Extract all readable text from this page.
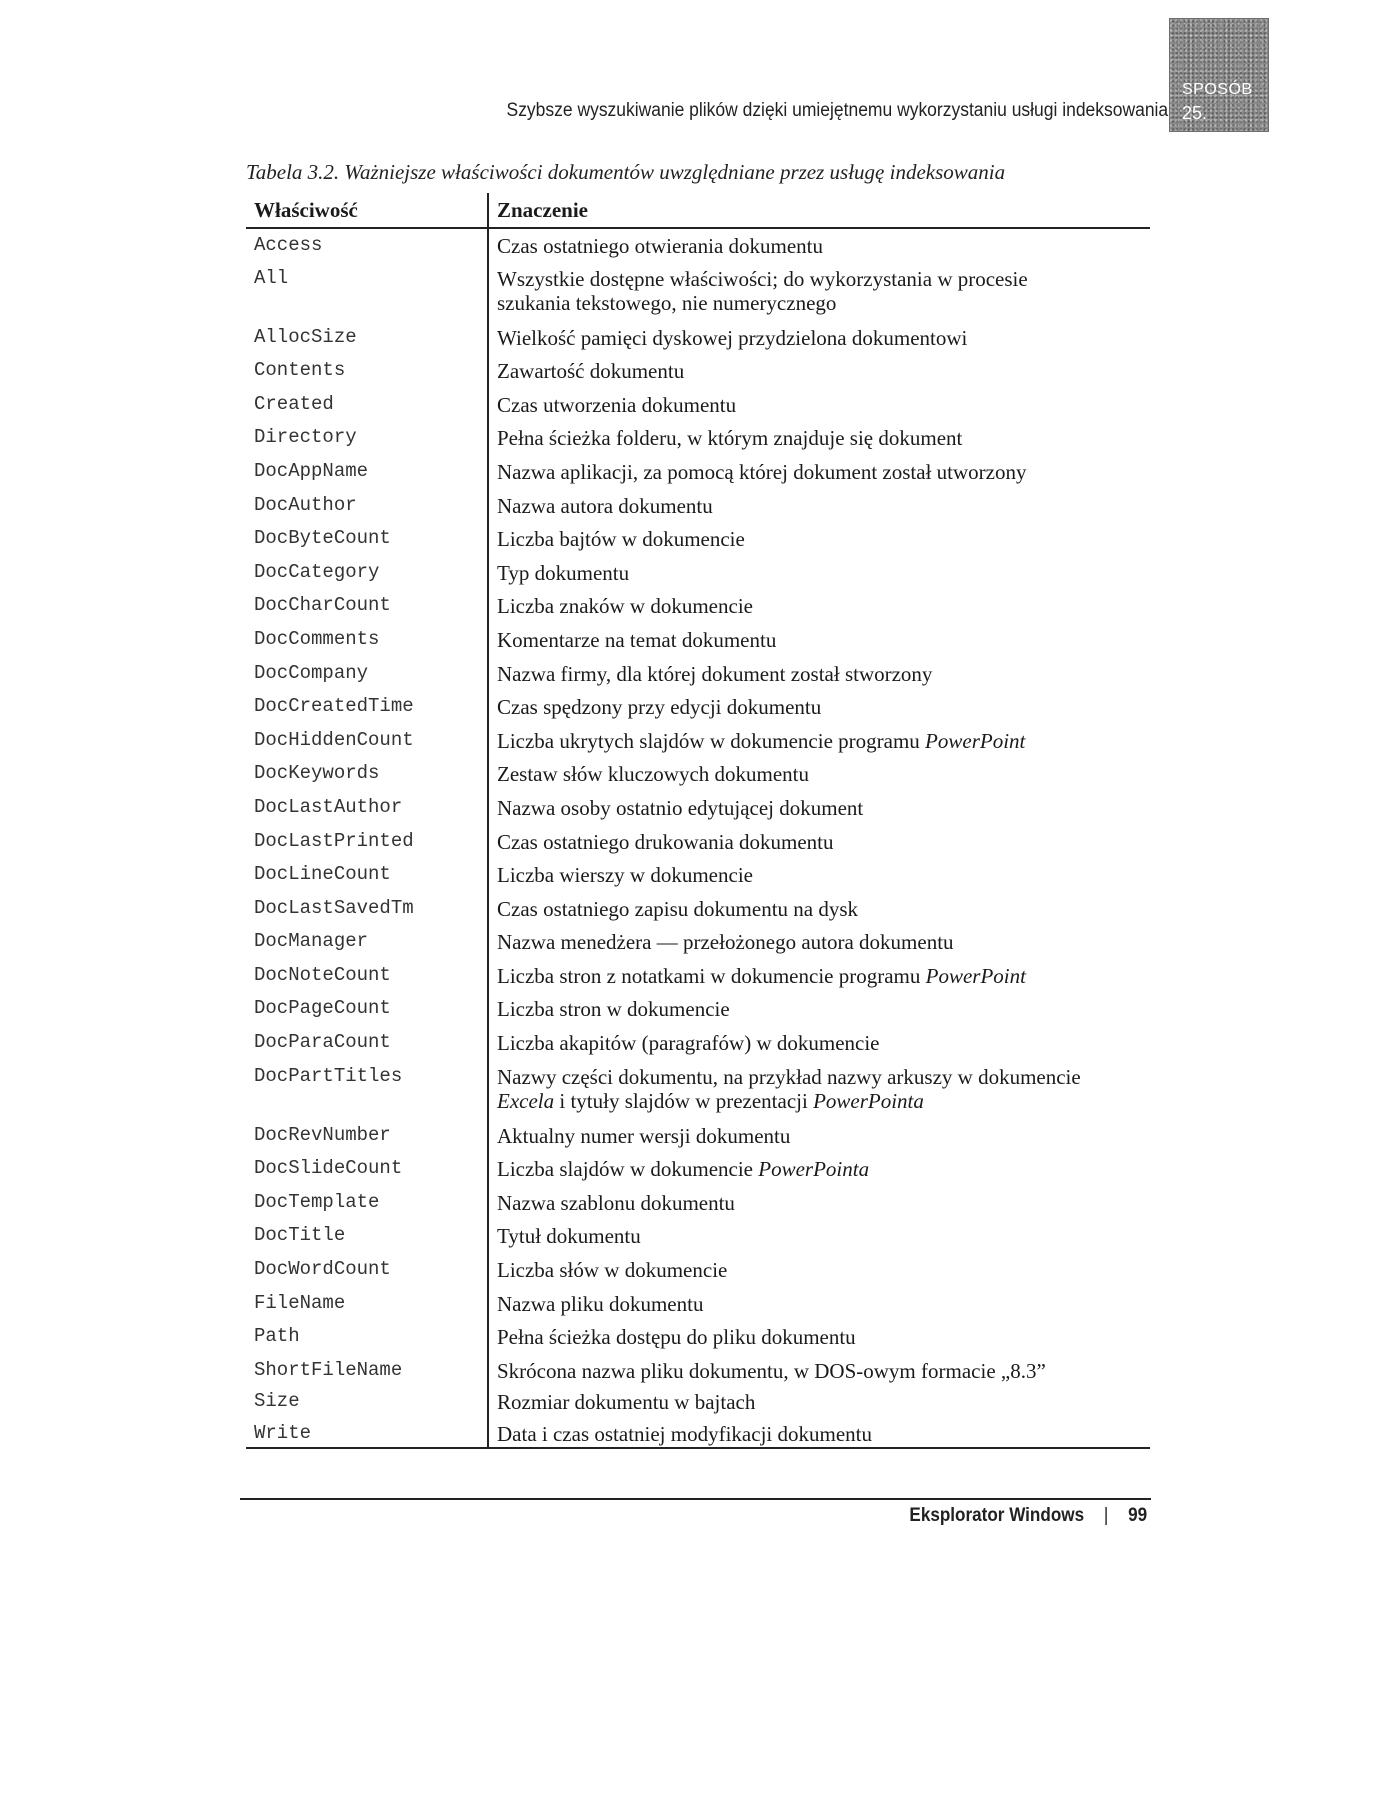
Szybsze wyszukiwanie plików dzięki umiejętnemu wykorzystaniu usługi indeksowania
SPOSÓB
25.
Tabela 3.2. Ważniejsze właściwości dokumentów uwzględniane przez usługę indeksowania
Właściwość	Znaczenie
Access	Czas ostatniego otwierania dokumentu
All	Wszystkie dostępne właściwości; do wykorzystania w procesie
szukania tekstowego, nie numerycznego
AllocSize	Wielkość pamięci dyskowej przydzielona dokumentowi
Contents	Zawartość dokumentu
Created	Czas utworzenia dokumentu
Directory	Pełna ścieżka folderu, w którym znajduje się dokument
DocAppName	Nazwa aplikacji, za pomocą której dokument został utworzony
DocAuthor	Nazwa autora dokumentu
DocByteCount	Liczba bajtów w dokumencie
DocCategory	Typ dokumentu
DocCharCount	Liczba znaków w dokumencie
DocComments	Komentarze na temat dokumentu
DocCompany	Nazwa firmy, dla której dokument został stworzony
DocCreatedTime	Czas spędzony przy edycji dokumentu
DocHiddenCount	Liczba ukrytych slajdów w dokumencie programu PowerPoint
DocKeywords	Zestaw słów kluczowych dokumentu
DocLastAuthor	Nazwa osoby ostatnio edytującej dokument
DocLastPrinted	Czas ostatniego drukowania dokumentu
DocLineCount	Liczba wierszy w dokumencie
DocLastSavedTm	Czas ostatniego zapisu dokumentu na dysk
DocManager	Nazwa menedżera — przełożonego autora dokumentu
DocNoteCount	Liczba stron z notatkami w dokumencie programu PowerPoint
DocPageCount	Liczba stron w dokumencie
DocParaCount	Liczba akapitów (paragrafów) w dokumencie
DocPartTitles	Nazwy części dokumentu, na przykład nazwy arkuszy w dokumencie
Excela i tytuły slajdów w prezentacji PowerPointa
DocRevNumber	Aktualny numer wersji dokumentu
DocSlideCount	Liczba slajdów w dokumencie PowerPointa
DocTemplate	Nazwa szablonu dokumentu
DocTitle	Tytuł dokumentu
DocWordCount	Liczba słów w dokumencie
FileName	Nazwa pliku dokumentu
Path	Pełna ścieżka dostępu do pliku dokumentu
ShortFileName	Skrócona nazwa pliku dokumentu, w DOS-owym formacie „8.3”
Size	Rozmiar dokumentu w bajtach
Write	Data i czas ostatniej modyfikacji dokumentu
Eksplorator Windows | 99
